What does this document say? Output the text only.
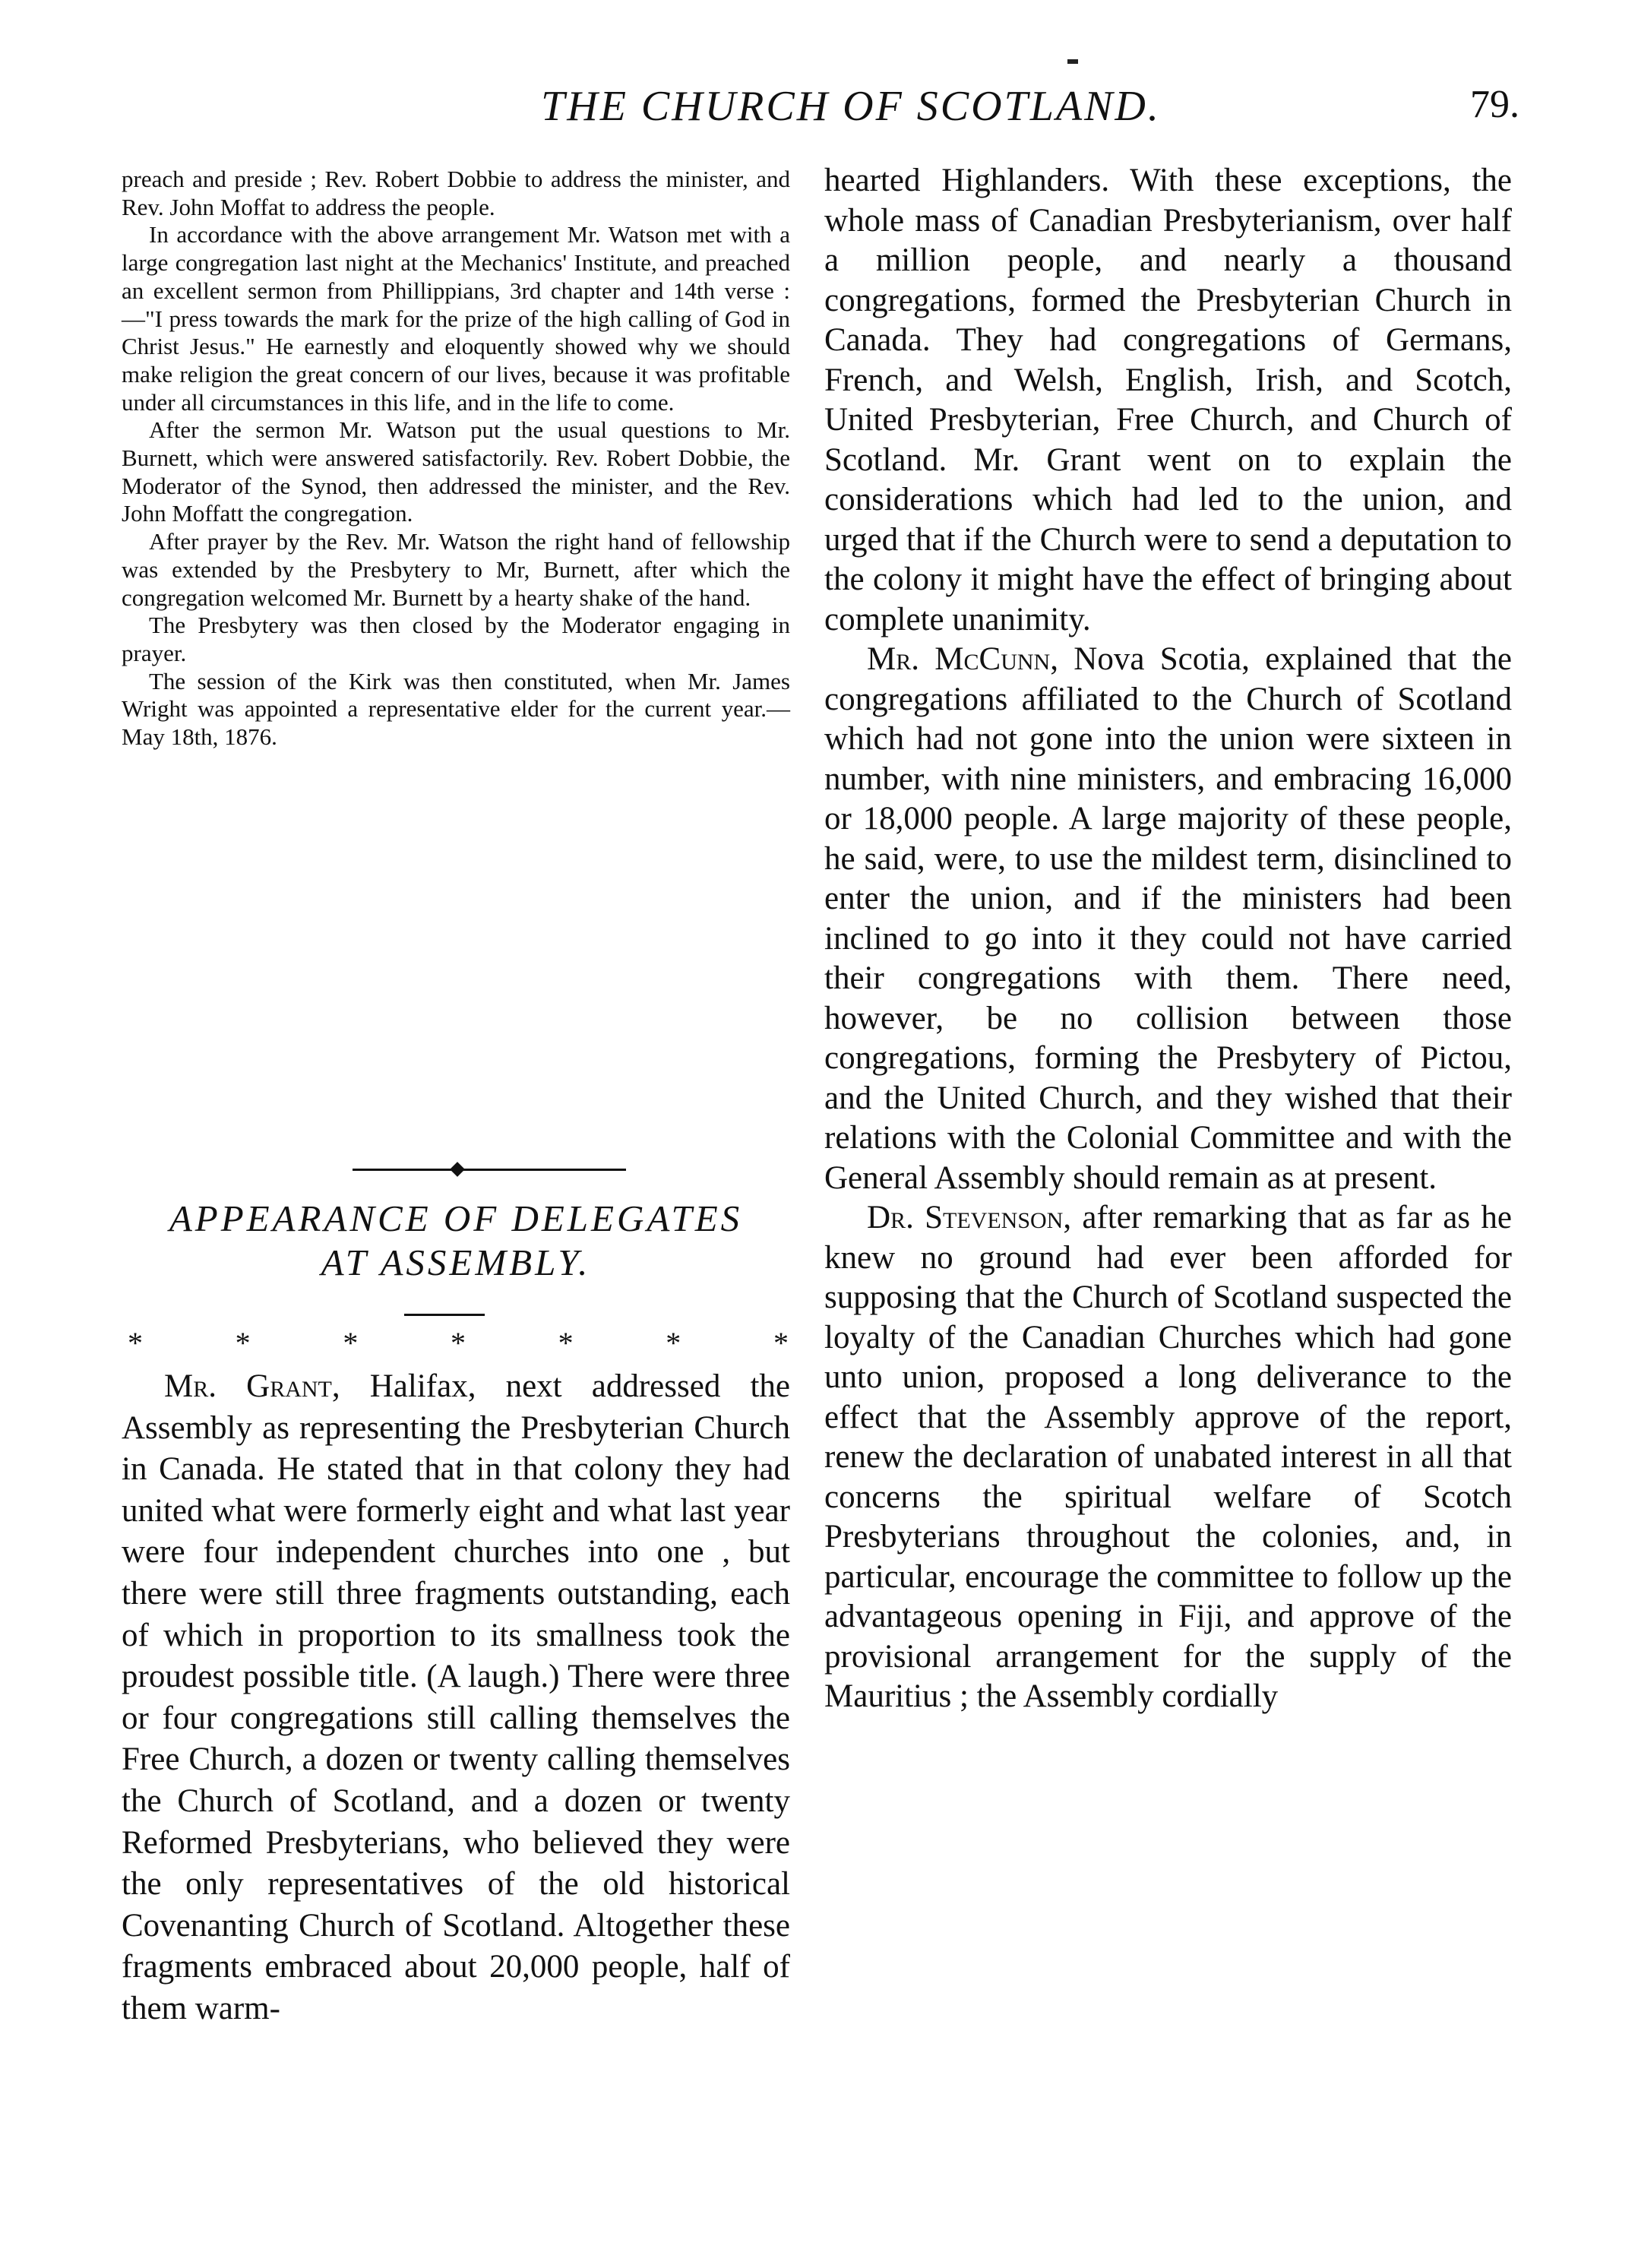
THE CHURCH OF SCOTLAND.	79.

preach and preside ; Rev. Robert Dobbie to address the minister, and Rev. John Moffat to address the people.

In accordance with the above arrangement Mr. Watson met with a large congregation last night at the Mechanics' Institute, and preached an excellent sermon from Phillippians, 3rd chapter and 14th verse :—"I press towards the mark for the prize of the high calling of God in Christ Jesus." He earnestly and eloquently showed why we should make religion the great concern of our lives, because it was profitable under all circumstances in this life, and in the life to come.

After the sermon Mr. Watson put the usual questions to Mr. Burnett, which were answered satisfactorily. Rev. Robert Dobbie, the Moderator of the Synod, then addressed the minister, and the Rev. John Moffatt the congregation.

After prayer by the Rev. Mr. Watson the right hand of fellowship was extended by the Presbytery to Mr, Burnett, after which the congregation welcomed Mr. Burnett by a hearty shake of the hand.

The Presbytery was then closed by the Moderator engaging in prayer.

The session of the Kirk was then constituted, when Mr. James Wright was appointed a representative elder for the current year.—May 18th, 1876.

APPEARANCE OF DELEGATES
AT ASSEMBLY.
*	*	*	*	*	*	*

Mr. Grant, Halifax, next addressed the Assembly as representing the Presbyterian Church in Canada. He stated that in that colony they had united what were formerly eight and what last year were four independent churches into one , but there were still three fragments outstanding, each of which in proportion to its smallness took the proudest possible title. (A laugh.) There were three or four congregations still calling themselves the Free Church, a dozen or twenty calling themselves the Church of Scotland, and a dozen or twenty Reformed Presbyterians, who believed they were the only representatives of the old historical Covenanting Church of Scotland. Altogether these fragments embraced about 20,000 people, half of them warm-

hearted Highlanders. With these exceptions, the whole mass of Canadian Presbyterianism, over half a million people, and nearly a thousand congregations, formed the Presbyterian Church in Canada. They had congregations of Germans, French, and Welsh, English, Irish, and Scotch, United Presbyterian, Free Church, and Church of Scotland. Mr. Grant went on to explain the considerations which had led to the union, and urged that if the Church were to send a deputation to the colony it might have the effect of bringing about complete unanimity.

Mr. McCunn, Nova Scotia, explained that the congregations affiliated to the Church of Scotland which had not gone into the union were sixteen in number, with nine ministers, and embracing 16,000 or 18,000 people. A large majority of these people, he said, were, to use the mildest term, disinclined to enter the union, and if the ministers had been inclined to go into it they could not have carried their congregations with them. There need, however, be no collision between those congregations, forming the Presbytery of Pictou, and the United Church, and they wished that their relations with the Colonial Committee and with the General Assembly should remain as at present.

Dr. Stevenson, after remarking that as far as he knew no ground had ever been afforded for supposing that the Church of Scotland suspected the loyalty of the Canadian Churches which had gone unto union, proposed a long deliverance to the effect that the Assembly approve of the report, renew the declaration of unabated interest in all that concerns the spiritual welfare of Scotch Presbyterians throughout the colonies, and, in particular, encourage the committee to follow up the advantageous opening in Fiji, and approve of the provisional arrangement for the supply of the Mauritius ; the Assembly cordially
